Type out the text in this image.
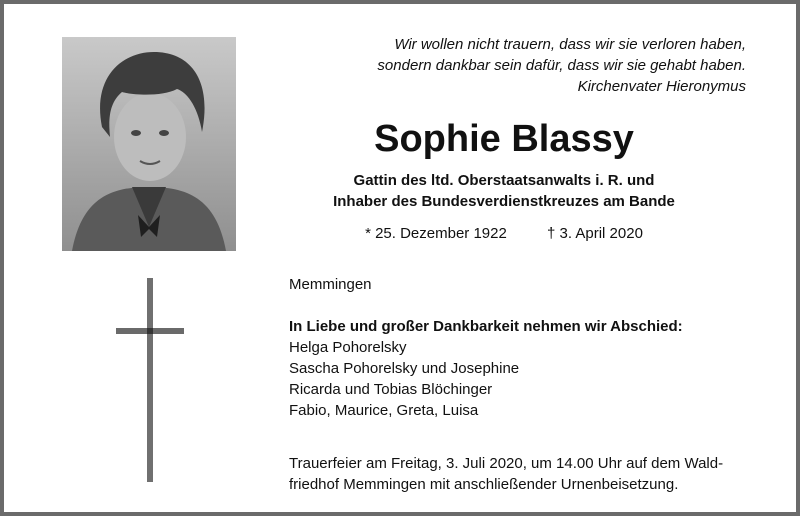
Wir wollen nicht trauern, dass wir sie verloren haben,
sondern dankbar sein dafür, dass wir sie gehabt haben.
Kirchenvater Hieronymus
Sophie Blassy
Gattin des ltd. Oberstaatsanwalts i. R. und
Inhaber des Bundesverdienstkreuzes am Bande
* 25. Dezember 1922	† 3. April 2020
Memmingen
In Liebe und großer Dankbarkeit nehmen wir Abschied:
Helga Pohorelsky
Sascha Pohorelsky und Josephine
Ricarda und Tobias Blöchinger
Fabio, Maurice, Greta, Luisa
Trauerfeier am Freitag, 3. Juli 2020, um 14.00 Uhr auf dem Wald-
friedhof Memmingen mit anschließender Urnenbeisetzung.
